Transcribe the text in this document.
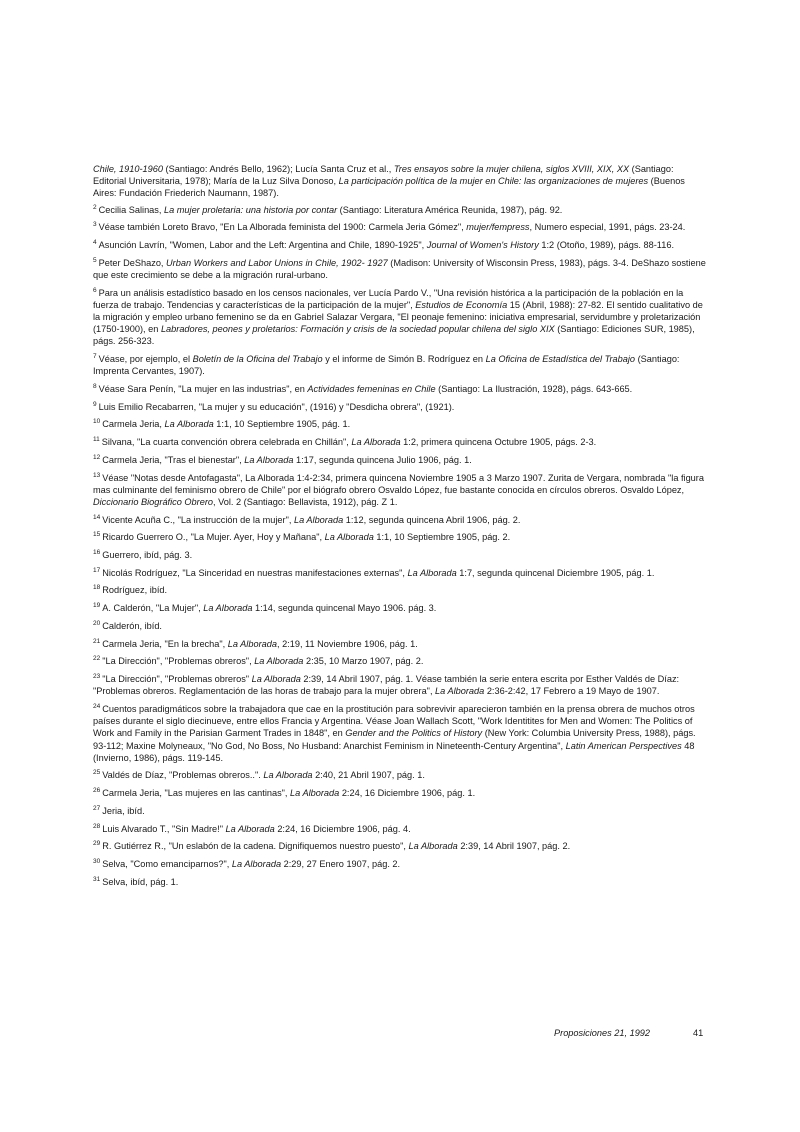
Chile, 1910-1960 (Santiago: Andrés Bello, 1962); Lucía Santa Cruz et al., Tres ensayos sobre la mujer chilena, siglos XVIII, XIX, XX (Santiago: Editorial Universitaria, 1978); María de la Luz Silva Donoso, La participación política de la mujer en Chile: las organizaciones de mujeres (Buenos Aires: Fundación Friederich Naumann, 1987).

$^2$ Cecilia Salinas, La mujer proletaria: una historia por contar (Santiago: Literatura América Reunida, 1987), pág. 92.

$^3$ Véase también Loreto Bravo, "En La Alborada feminista del 1900: Carmela Jeria Gómez", mujer/fempress, Numero especial, 1991, págs. 23-24.

$^4$ Asunción Lavrín, "Women, Labor and the Left: Argentina and Chile, 1890-1925", Journal of Women's History 1:2 (Otoño, 1989), págs. 88-116.

$^5$ Peter DeShazo, Urban Workers and Labor Unions in Chile, 1902- 1927 (Madison: University of Wisconsin Press, 1983), págs. 3-4. DeShazo sostiene que este crecimiento se debe a la migración rural-urbano.

$^6$ Para un análisis estadístico basado en los censos nacionales, ver Lucía Pardo V., "Una revisión histórica a la participación de la población en la fuerza de trabajo. Tendencias y características de la participación de la mujer", Estudios de Economía 15 (Abril, 1988): 27-82. El sentido cualitativo de la migración y empleo urbano femenino se da en Gabriel Salazar Vergara, "El peonaje femenino: iniciativa empresarial, servidumbre y proletarización (1750-1900), en Labradores, peones y proletarios: Formación y crisis de la sociedad popular chilena del siglo XIX (Santiago: Ediciones SUR, 1985), págs. 256-323.

$^7$ Véase, por ejemplo, el Boletín de la Oficina del Trabajo y el informe de Simón B. Rodríguez en La Oficina de Estadística del Trabajo (Santiago: Imprenta Cervantes, 1907).

$^8$ Véase Sara Penín, "La mujer en las industrias", en Actividades femeninas en Chile (Santiago: La Ilustración, 1928), págs. 643-665.

$^9$ Luis Emilio Recabarren, "La mujer y su educación", (1916) y "Desdicha obrera", (1921).

$^{10}$ Carmela Jeria, La Alborada 1:1, 10 Septiembre 1905, pág. 1.

$^{11}$ Silvana, "La cuarta convención obrera celebrada en Chillán", La Alborada 1:2, primera quincena Octubre 1905, págs. 2-3.

$^{12}$ Carmela Jeria, "Tras el bienestar", La Alborada 1:17, segunda quincena Julio 1906, pág. 1.

$^{13}$ Véase "Notas desde Antofagasta", La Alborada 1:4-2:34, primera quincena Noviembre 1905 a 3 Marzo 1907. Zurita de Vergara, nombrada "la figura mas culminante del feminismo obrero de Chile" por el biógrafo obrero Osvaldo López, fue bastante conocida en círculos obreros. Osvaldo López, Diccionario Biográfico Obrero, Vol. 2 (Santiago: Bellavista, 1912), pág. Z 1.

$^{14}$ Vicente Acuña C., "La instrucción de la mujer", La Alborada 1:12, segunda quincena Abril 1906, pág. 2.

$^{15}$ Ricardo Guerrero O., "La Mujer. Ayer, Hoy y Mañana", La Alborada 1:1, 10 Septiembre 1905, pág. 2.

$^{16}$ Guerrero, ibíd, pág. 3.

$^{17}$ Nicolás Rodríguez, "La Sinceridad en nuestras manifestaciones externas", La Alborada 1:7, segunda quincenal Diciembre 1905, pág. 1.

$^{18}$ Rodríguez, ibíd.

$^{19}$ A. Calderón, "La Mujer", La Alborada 1:14, segunda quincenal Mayo 1906. pág. 3.

$^{20}$ Calderón, ibíd.

$^{21}$ Carmela Jeria, "En la brecha", La Alborada, 2:19, 11 Noviembre 1906, pág. 1.

$^{22}$ "La Dirección", "Problemas obreros", La Alborada 2:35, 10 Marzo 1907, pág. 2.

$^{23}$ "La Dirección", "Problemas obreros" La Alborada 2:39, 14 Abril 1907, pág. 1. Véase también la serie entera escrita por Esther Valdés de Díaz: "Problemas obreros. Reglamentación de las horas de trabajo para la mujer obrera", La Alborada 2:36-2:42, 17 Febrero a 19 Mayo de 1907.

$^{24}$ Cuentos paradigmáticos sobre la trabajadora que cae en la prostitución para sobrevivir aparecieron también en la prensa obrera de muchos otros países durante el siglo diecinueve, entre ellos Francia y Argentina. Véase Joan Wallach Scott, "Work Identitites for Men and Women: The Politics of Work and Family in the Parisian Garment Trades in 1848", en Gender and the Politics of History (New York: Columbia University Press, 1988), págs. 93-112; Maxine Molyneaux, "No God, No Boss, No Husband: Anarchist Feminism in Nineteenth-Century Argentina", Latin American Perspectives 48 (Invierno, 1986), págs. 119-145.

$^{25}$ Valdés de Díaz, "Problemas obreros..". La Alborada 2:40, 21 Abril 1907, pág. 1.

$^{26}$ Carmela Jeria, "Las mujeres en las cantinas", La Alborada 2:24, 16 Diciembre 1906, pág. 1.

$^{27}$ Jeria, ibíd.

$^{28}$ Luis Alvarado T., "Sin Madre!" La Alborada 2:24, 16 Diciembre 1906, pág. 4.

$^{29}$ R. Gutiérrez R., "Un eslabón de la cadena. Dignifiquemos nuestro puesto", La Alborada 2:39, 14 Abril 1907, pág. 2.

$^{30}$ Selva, "Como emanciparnos?", La Alborada 2:29, 27 Enero 1907, pág. 2.

$^{31}$ Selva, ibíd, pág. 1.

Proposiciones 21, 1992	41
